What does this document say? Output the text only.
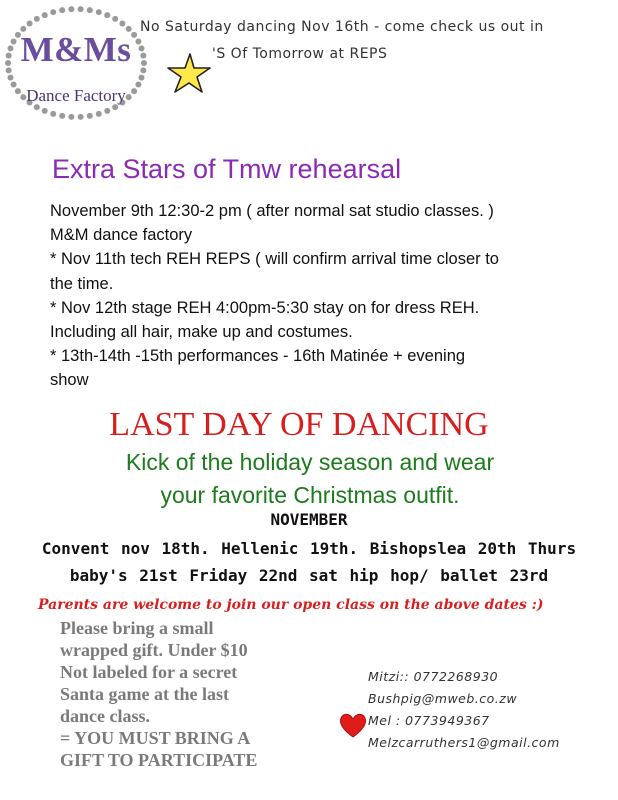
M&Ms
Dance Factory
No Saturday dancing Nov 16th - come check us out in
'S Of Tomorrow at REPS
Extra Stars of Tmw rehearsal
November 9th 12:30-2 pm ( after normal sat studio classes. )
M&M dance factory
* Nov 11th tech REH REPS ( will confirm arrival time closer to
the time.
* Nov 12th stage REH 4:00pm-5:30 stay on for dress REH.
Including all hair, make up and costumes.
* 13th-14th -15th performances - 16th Matinée + evening
show
LAST DAY OF DANCING
Kick of the holiday season and wear
your favorite Christmas outfit.
NOVEMBER
Convent nov 18th. Hellenic 19th. Bishopslea 20th Thurs
baby's 21st Friday 22nd sat hip hop/ ballet 23rd
Parents are welcome to join our open class on the above dates :)
Please bring a small
wrapped gift. Under $10
Not labeled for a secret
Santa game at the last
dance class.
= YOU MUST BRING A
GIFT TO PARTICIPATE
Mitzi:: 0772268930
Bushpig@mweb.co.zw
Mel : 0773949367
Melzcarruthers1@gmail.com
